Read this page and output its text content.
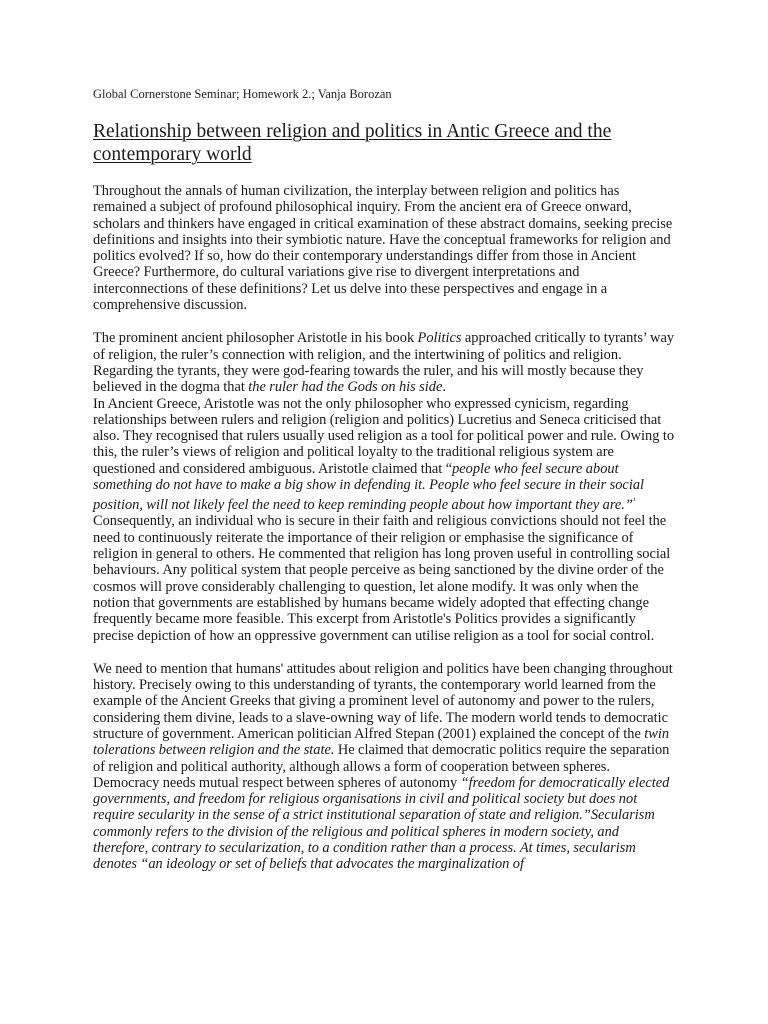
Global Cornerstone Seminar; Homework 2.; Vanja Borozan

Relationship between religion and politics in Antic Greece and the contemporary world

Throughout the annals of human civilization, the interplay between religion and politics has remained a subject of profound philosophical inquiry. From the ancient era of Greece onward, scholars and thinkers have engaged in critical examination of these abstract domains, seeking precise definitions and insights into their symbiotic nature. Have the conceptual frameworks for religion and politics evolved? If so, how do their contemporary understandings differ from those in Ancient Greece? Furthermore, do cultural variations give rise to divergent interpretations and interconnections of these definitions? Let us delve into these perspectives and engage in a comprehensive discussion.

The prominent ancient philosopher Aristotle in his book Politics approached critically to tyrants’ way of religion, the ruler’s connection with religion, and the intertwining of politics and religion. Regarding the tyrants, they were god-fearing towards the ruler, and his will mostly because they believed in the dogma that the ruler had the Gods on his side.

In Ancient Greece, Aristotle was not the only philosopher who expressed cynicism, regarding relationships between rulers and religion (religion and politics) Lucretius and Seneca criticised that also. They recognised that rulers usually used religion as a tool for political power and rule. Owing to this, the ruler’s views of religion and political loyalty to the traditional religious system are questioned and considered ambiguous. Aristotle claimed that “people who feel secure about something do not have to make a big show in defending it. People who feel secure in their social position, will not likely feel the need to keep reminding people about how important they are.”$^{^1}$ Consequently, an individual who is secure in their faith and religious convictions should not feel the need to continuously reiterate the importance of their religion or emphasise the significance of religion in general to others. He commented that religion has long proven useful in controlling social behaviours. Any political system that people perceive as being sanctioned by the divine order of the cosmos will prove considerably challenging to question, let alone modify. It was only when the notion that governments are established by humans became widely adopted that effecting change frequently became more feasible. This excerpt from Aristotle's Politics provides a significantly precise depiction of how an oppressive government can utilise religion as a tool for social control.

We need to mention that humans' attitudes about religion and politics have been changing throughout history. Precisely owing to this understanding of tyrants, the contemporary world learned from the example of the Ancient Greeks that giving a prominent level of autonomy and power to the rulers, considering them divine, leads to a slave-owning way of life. The modern world tends to democratic structure of government. American politician Alfred Stepan (2001) explained the concept of the twin tolerations between religion and the state. He claimed that democratic politics require the separation of religion and political authority, although allows a form of cooperation between spheres. Democracy needs mutual respect between spheres of autonomy “freedom for democratically elected governments, and freedom for religious organisations in civil and political society but does not require secularity in the sense of a strict institutional separation of state and religion.”Secularism commonly refers to the division of the religious and political spheres in modern society, and therefore, contrary to secularization, to a condition rather than a process. At times, secularism denotes “an ideology or set of beliefs that advocates the marginalization of
